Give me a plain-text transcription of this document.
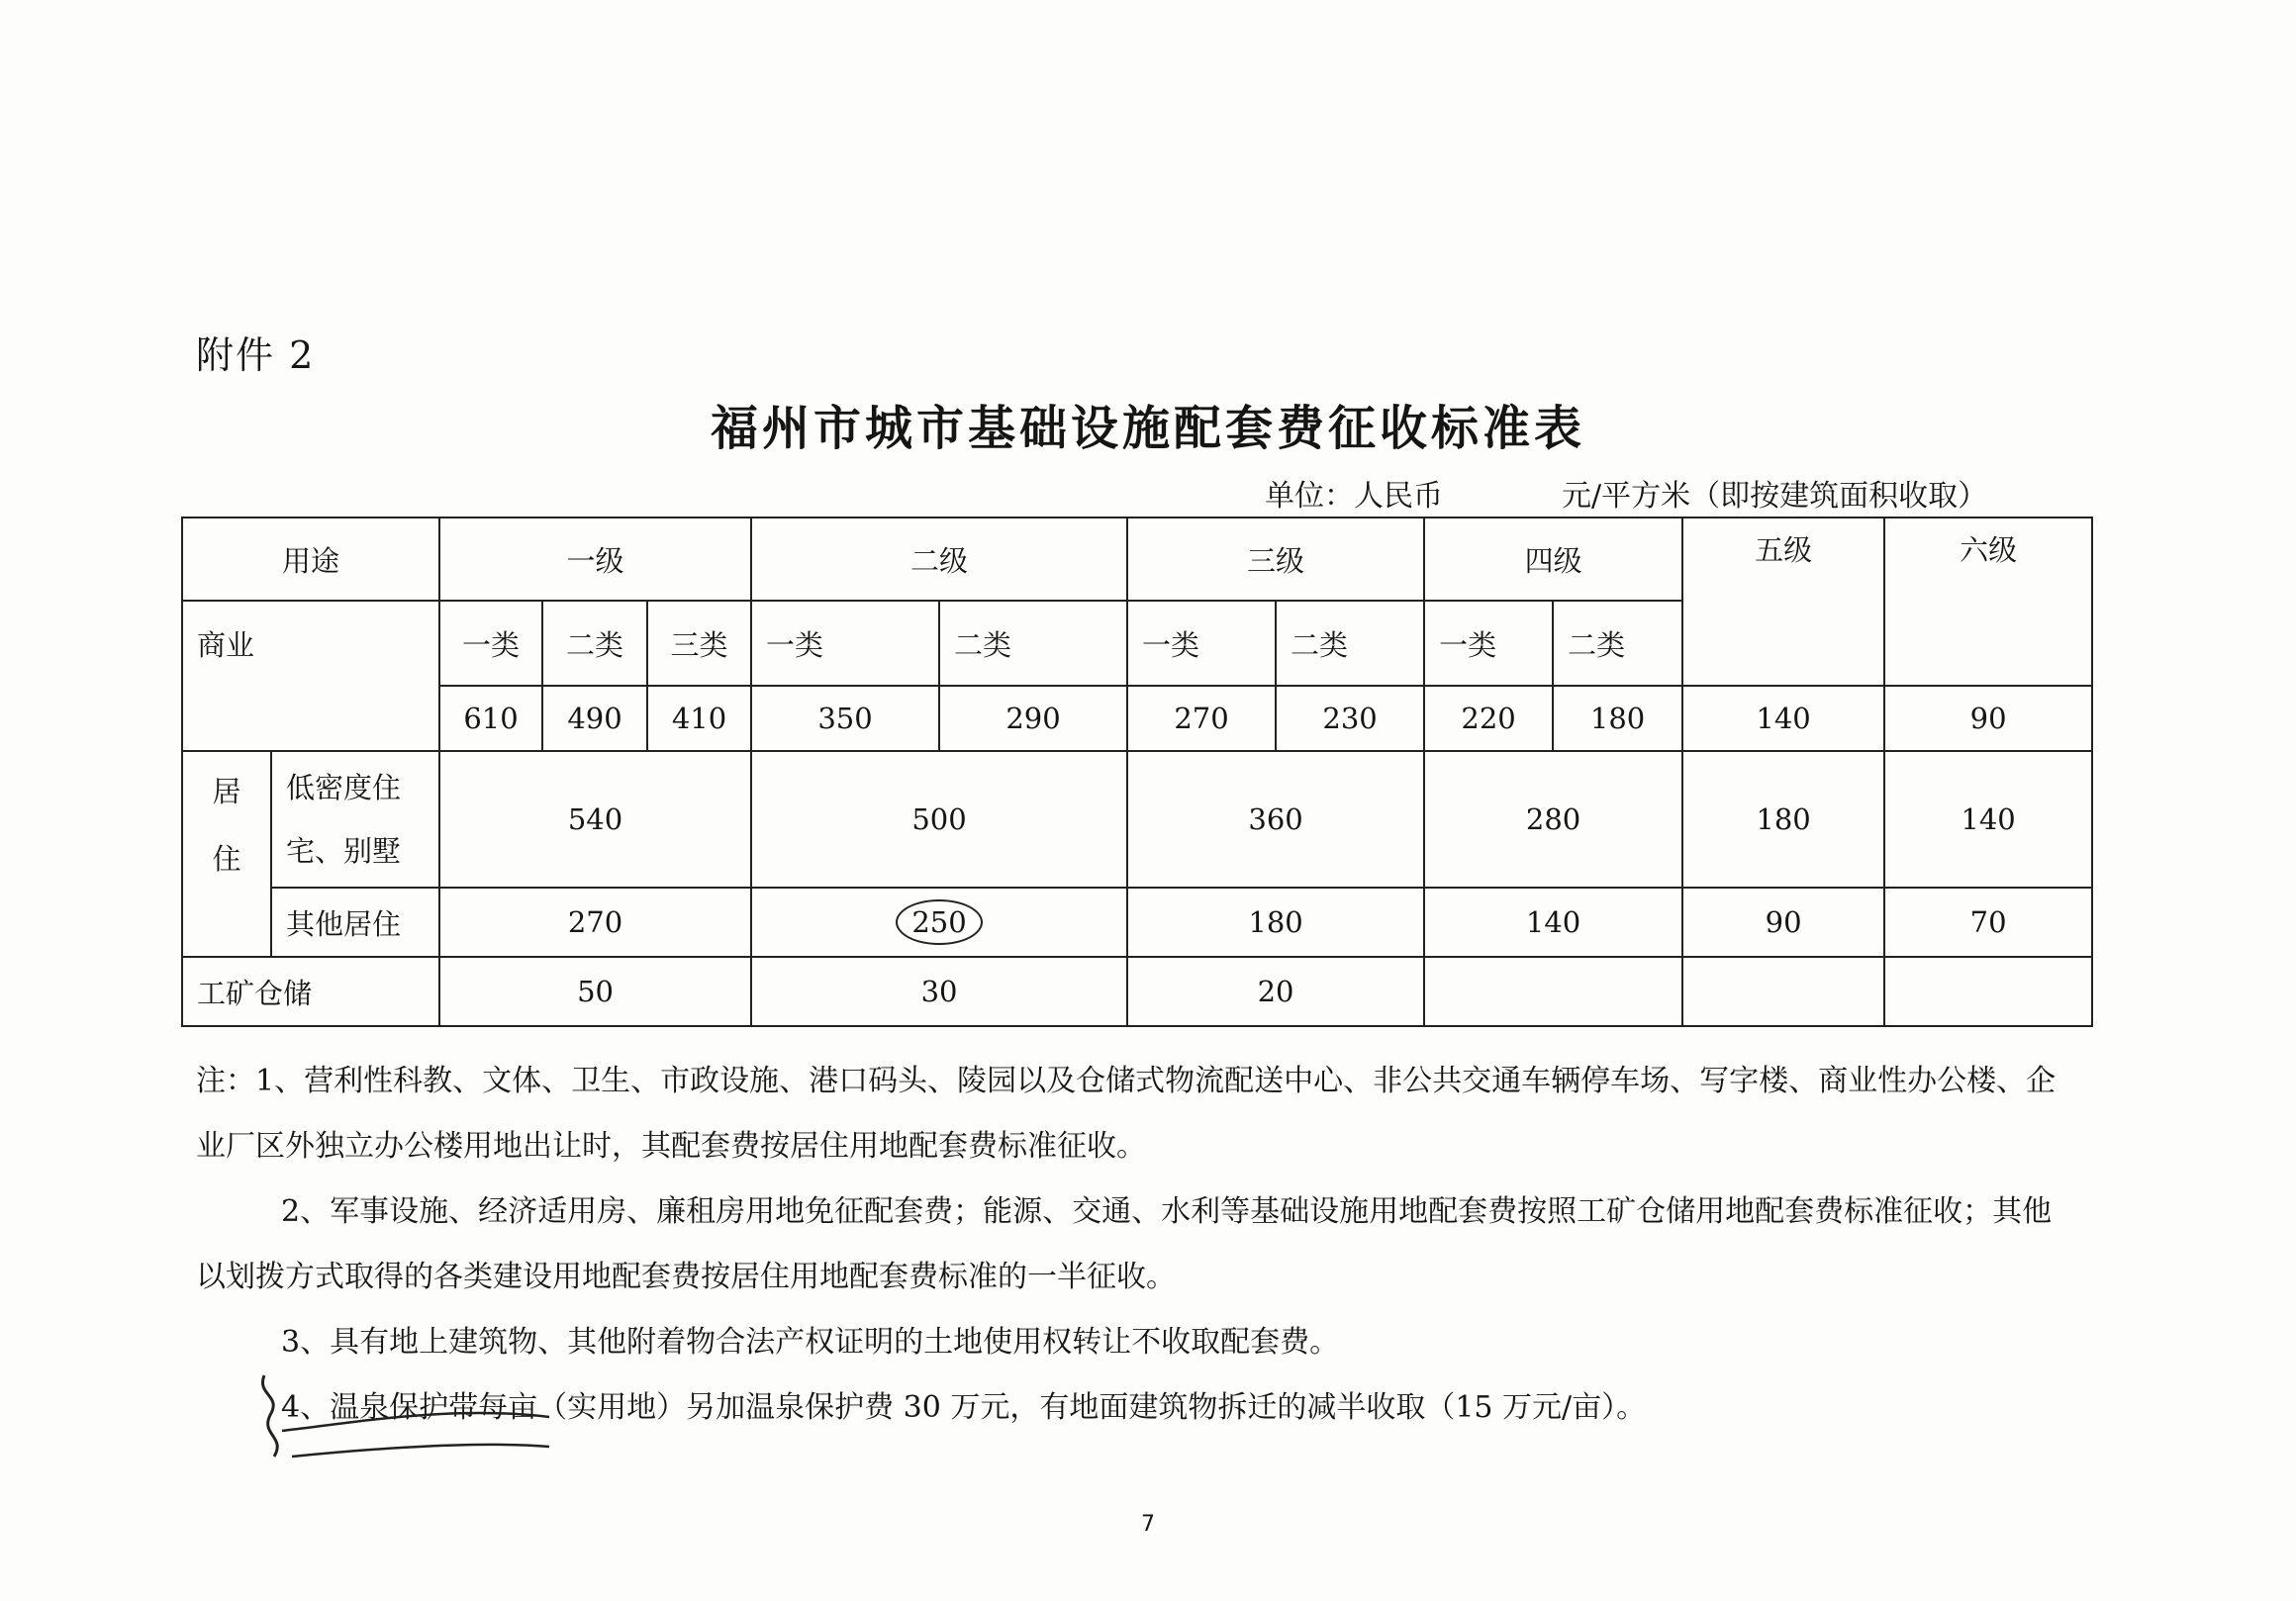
附件 2
福州市城市基础设施配套费征收标准表
单位：人民币	元/平方米（即按建筑面积收取）
用途		一级			二级		三级		四级		五级	六级
商业		一类	二类	三类	一类	二类	一类	二类	一类	二类		
		610	490	410	350	290	270	230	220	180	140	90
居
住	低密度住
宅、别墅	540			500		360		280		180	140
	其他居住	270			250		180		140		90	70
工矿仓储		50			30		20					

注：1、营利性科教、文体、卫生、市政设施、港口码头、陵园以及仓储式物流配送中心、非公共交通车辆停车场、写字楼、商业性办公楼、企业厂区外独立办公楼用地出让时，其配套费按居住用地配套费标准征收。

2、军事设施、经济适用房、廉租房用地免征配套费；能源、交通、水利等基础设施用地配套费按照工矿仓储用地配套费标准征收；其他以划拨方式取得的各类建设用地配套费按居住用地配套费标准的一半征收。

3、具有地上建筑物、其他附着物合法产权证明的土地使用权转让不收取配套费。

4、温泉保护带每亩（实用地）另加温泉保护费 30 万元，有地面建筑物拆迁的减半收取（15 万元/亩）。

7
